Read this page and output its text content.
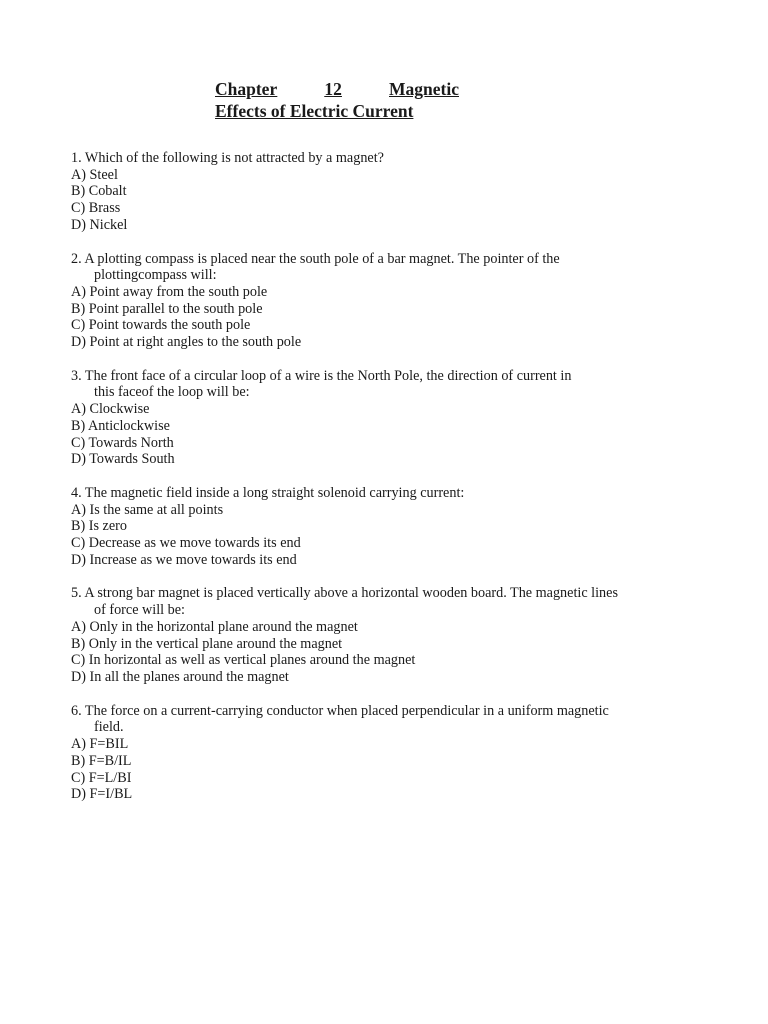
Chapter	12	Magnetic
Effects of Electric Current
1. Which of the following is not attracted by a magnet?
A) Steel
B) Cobalt
C) Brass
D) Nickel
2. A plotting compass is placed near the south pole of a bar magnet. The pointer of the
plottingcompass will:
A) Point away from the south pole
B) Point parallel to the south pole
C) Point towards the south pole
D) Point at right angles to the south pole
3. The front face of a circular loop of a wire is the North Pole, the direction of current in
this faceof the loop will be:
A) Clockwise
B) Anticlockwise
C) Towards North
D) Towards South
4. The magnetic field inside a long straight solenoid carrying current:
A) Is the same at all points
B) Is zero
C) Decrease as we move towards its end
D) Increase as we move towards its end
5. A strong bar magnet is placed vertically above a horizontal wooden board. The magnetic lines
of force will be:
A) Only in the horizontal plane around the magnet
B) Only in the vertical plane around the magnet
C) In horizontal as well as vertical planes around the magnet
D) In all the planes around the magnet
6. The force on a current-carrying conductor when placed perpendicular in a uniform magnetic
field.
A) F=BIL
B) F=B/IL
C) F=L/BI
D) F=I/BL
